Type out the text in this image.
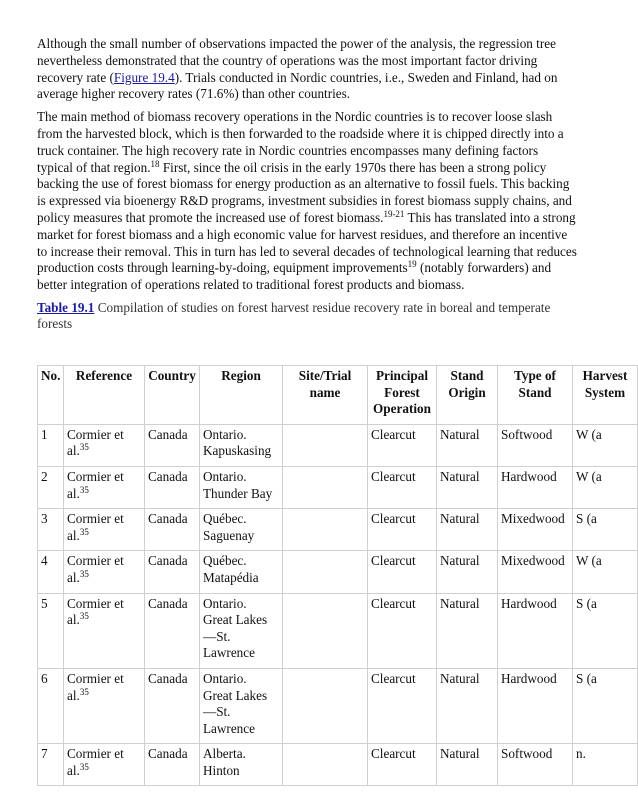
Although the small number of observations impacted the power of the analysis, the regression tree nevertheless demonstrated that the country of operations was the most important factor driving recovery rate (Figure 19.4). Trials conducted in Nordic countries, i.e., Sweden and Finland, had on average higher recovery rates (71.6%) than other countries.

The main method of biomass recovery operations in the Nordic countries is to recover loose slash from the harvested block, which is then forwarded to the roadside where it is chipped directly into a truck container. The high recovery rate in Nordic countries encompasses many defining factors typical of that region.$^{18}$ First, since the oil crisis in the early 1970s there has been a strong policy backing the use of forest biomass for energy production as an alternative to fossil fuels. This backing is expressed via bioenergy R&D programs, investment subsidies in forest biomass supply chains, and policy measures that promote the increased use of forest biomass.$^{19-21}$ This has translated into a strong market for forest biomass and a high economic value for harvest residues, and therefore an incentive to increase their removal. This in turn has led to several decades of technological learning that reduces production costs through learning-by-doing, equipment improvements$^{19}$ (notably forwarders) and better integration of operations related to traditional forest products and biomass.

Table 19.1 Compilation of studies on forest harvest residue recovery rate in boreal and temperate forests
No.	Reference	Country	Region	Site/Trial name	Principal Forest Operation	Stand Origin	Type of Stand	Harvest System
1	Cormier et al.$^{35}$	Canada	Ontario. Kapuskasing		Clearcut	Natural	Softwood	W (a
2	Cormier et al.$^{35}$	Canada	Ontario. Thunder Bay		Clearcut	Natural	Hardwood	W (a
3	Cormier et al.$^{35}$	Canada	Québec. Saguenay		Clearcut	Natural	Mixedwood	S (a
4	Cormier et al.$^{35}$	Canada	Québec. Matapédia		Clearcut	Natural	Mixedwood	W (a
5	Cormier et al.$^{35}$	Canada	Ontario. Great Lakes —St. Lawrence		Clearcut	Natural	Hardwood	S (a
6	Cormier et al.$^{35}$	Canada	Ontario. Great Lakes —St. Lawrence		Clearcut	Natural	Hardwood	S (a
7	Cormier et al.$^{35}$	Canada	Alberta. Hinton		Clearcut	Natural	Softwood	n.
